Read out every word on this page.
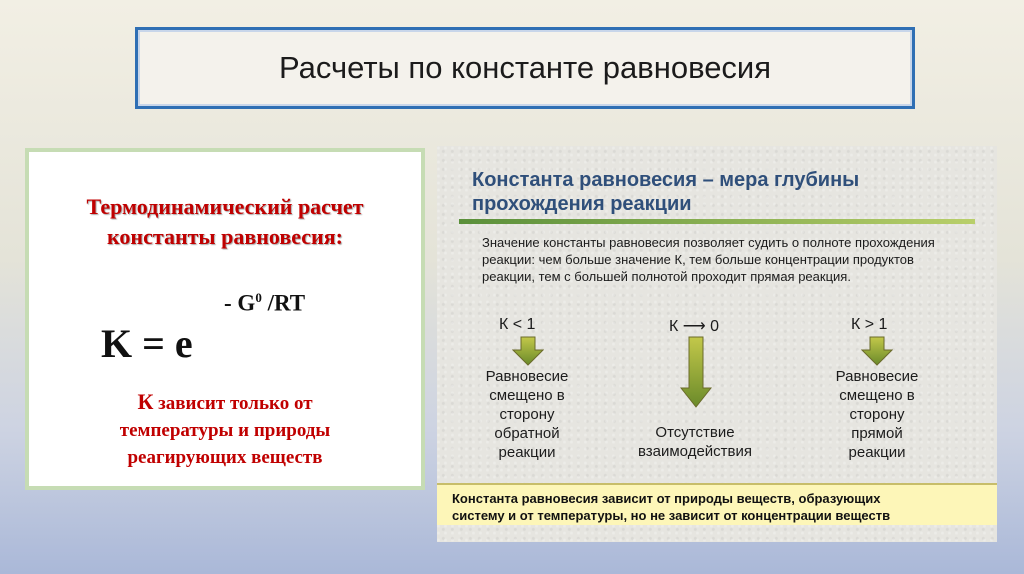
Расчеты по константе равновесия
Термодинамический расчет
константы равновесия:
- $G^0$ /RT
K = e
К зависит только от
температуры и природы
реагирующих веществ
Константа равновесия – мера глубины
прохождения реакции
Значение константы равновесия позволяет судить о полноте прохождения реакции: чем больше значение К, тем больше концентрации продуктов реакции, тем с большей полнотой проходит прямая реакция.
К < 1
Равновесие
смещено в
сторону
обратной
реакции
К ⟶ 0
Отсутствие
взаимодействия
К > 1
Равновесие
смещено в
сторону
прямой
реакции
Константа равновесия зависит от природы веществ, образующих
систему и от температуры, но не зависит от концентрации веществ
